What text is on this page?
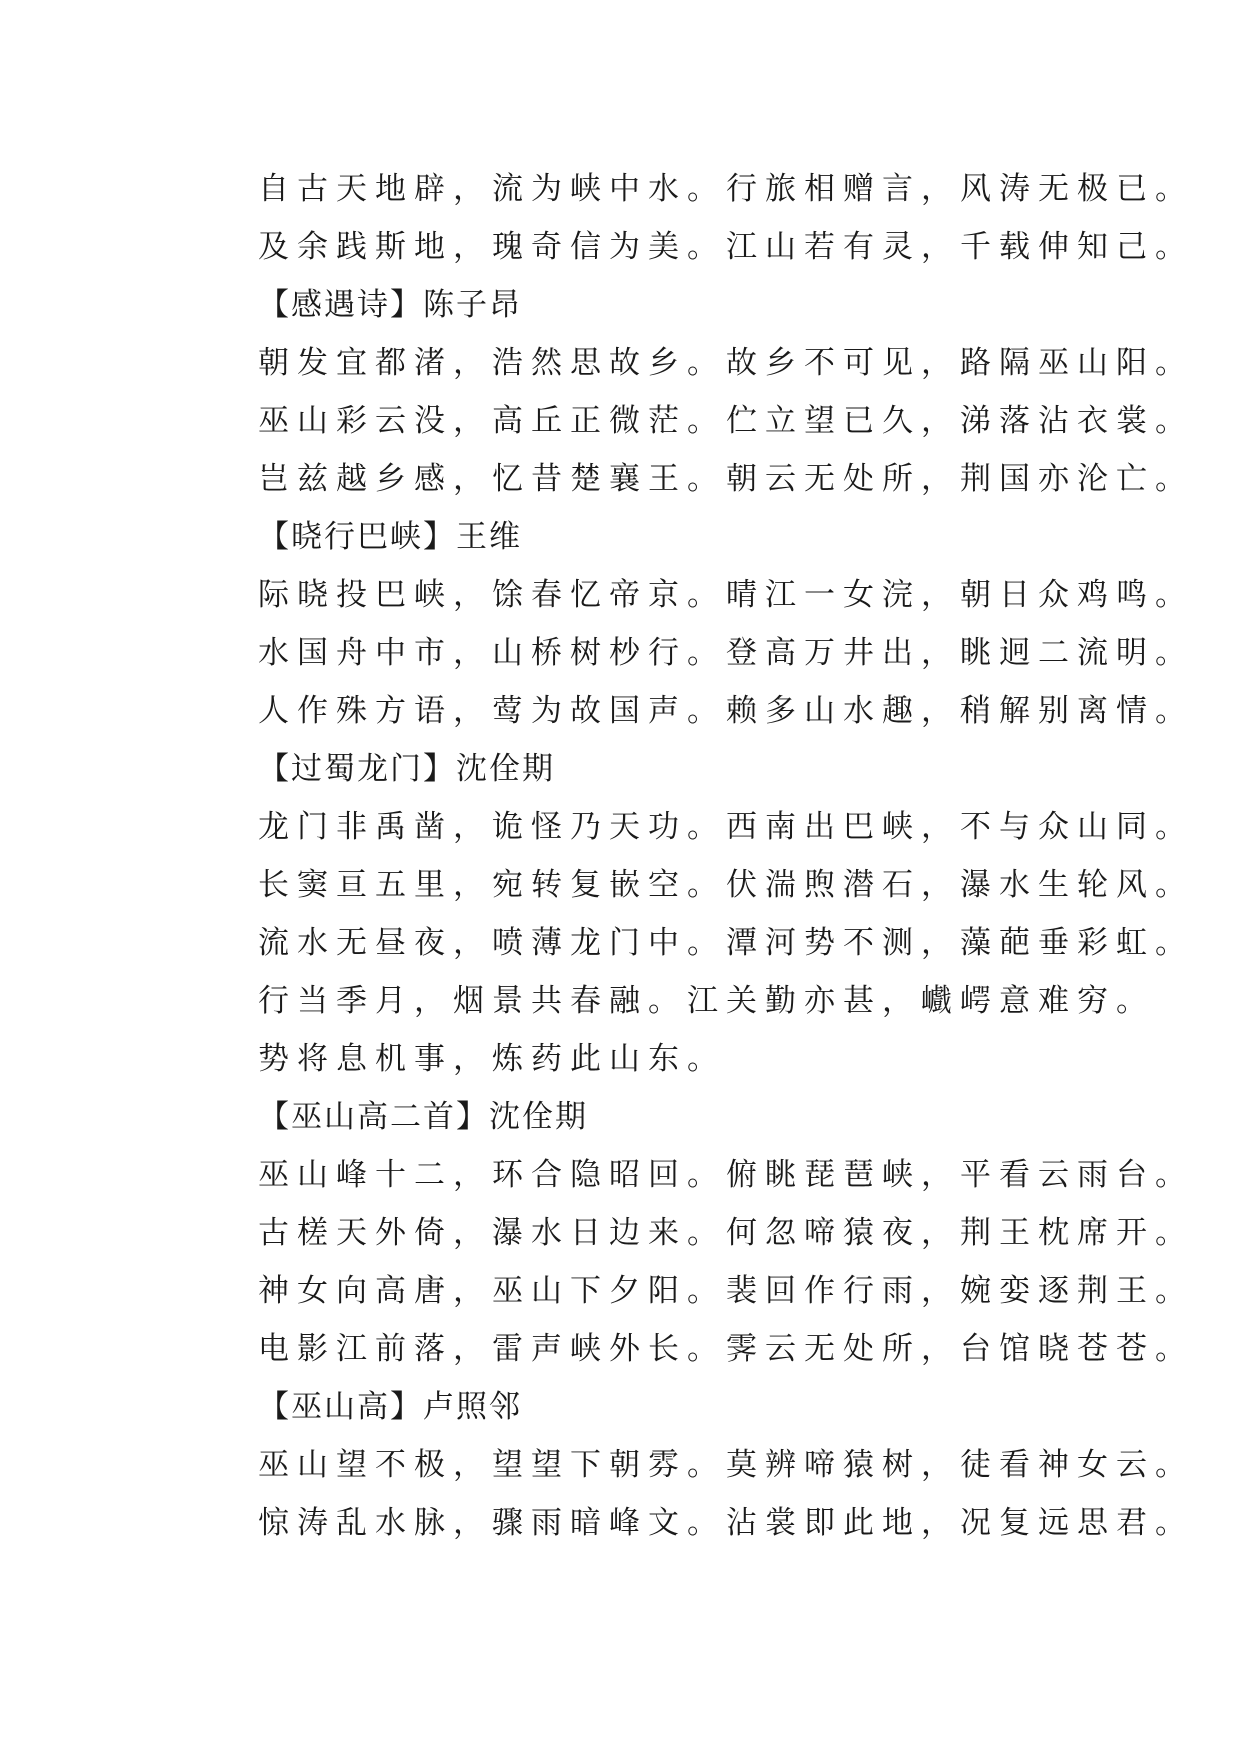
自古天地辟，流为峡中水。行旅相赠言，风涛无极已。
及余践斯地，瑰奇信为美。江山若有灵，千载伸知己。
【感遇诗】陈子昂
朝发宜都渚，浩然思故乡。故乡不可见，路隔巫山阳。
巫山彩云没，高丘正微茫。伫立望已久，涕落沾衣裳。
岂兹越乡感，忆昔楚襄王。朝云无处所，荆国亦沦亡。
【晓行巴峡】王维
际晓投巴峡，馀春忆帝京。晴江一女浣，朝日众鸡鸣。
水国舟中市，山桥树杪行。登高万井出，眺迥二流明。
人作殊方语，莺为故国声。赖多山水趣，稍解别离情。
【过蜀龙门】沈佺期
龙门非禹凿，诡怪乃天功。西南出巴峡，不与众山同。
长窦亘五里，宛转复嵌空。伏湍煦潜石，瀑水生轮风。
流水无昼夜，喷薄龙门中。潭河势不测，藻葩垂彩虹。
行当季月，烟景共春融。江关勤亦甚，巇崿意难穷。
势将息机事，炼药此山东。
【巫山高二首】沈佺期
巫山峰十二，环合隐昭回。俯眺琵琶峡，平看云雨台。
古槎天外倚，瀑水日边来。何忽啼猿夜，荆王枕席开。
神女向高唐，巫山下夕阳。裴回作行雨，婉娈逐荆王。
电影江前落，雷声峡外长。霁云无处所，台馆晓苍苍。
【巫山高】卢照邻
巫山望不极，望望下朝雰。莫辨啼猿树，徒看神女云。
惊涛乱水脉，骤雨暗峰文。沾裳即此地，况复远思君。
